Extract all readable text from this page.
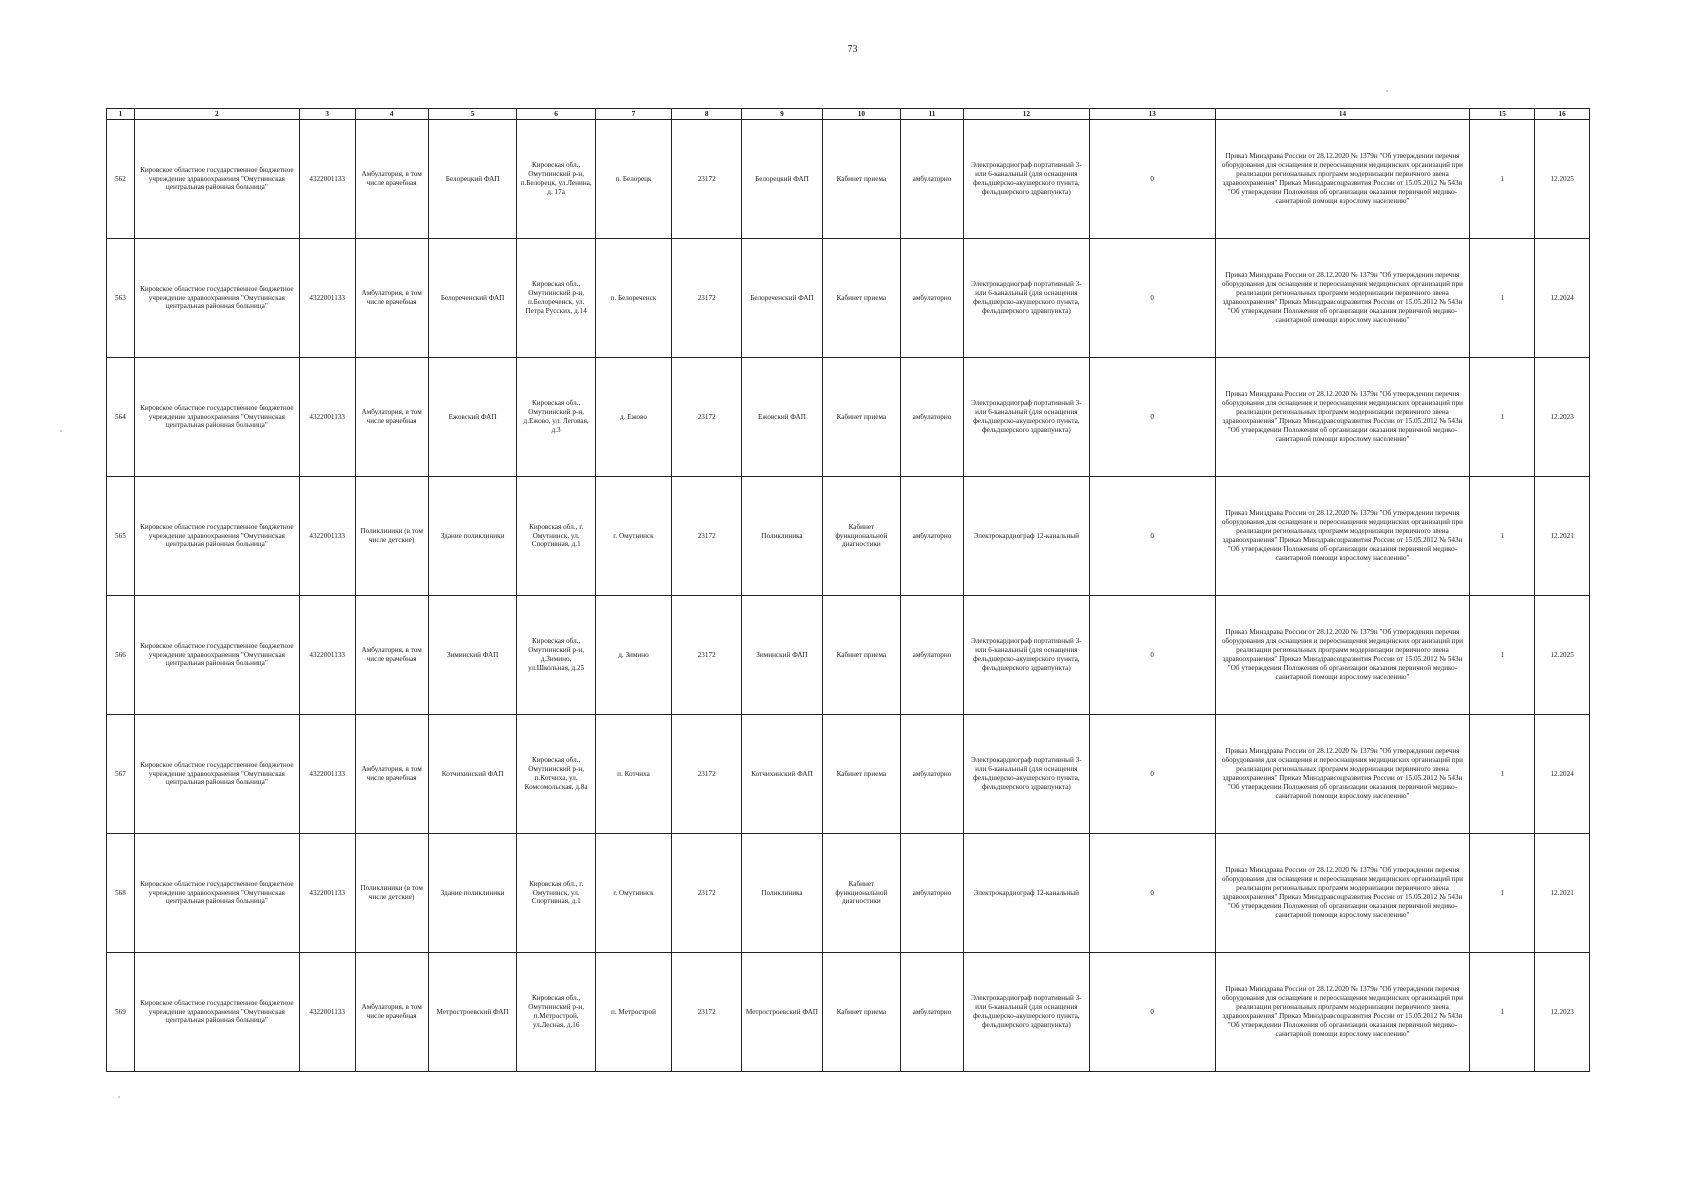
73
1	2	3	4	5	6	7	8	9	10	11	12	13	14	15	16
562	Кировское областное государственное бюджетное учреждение здравоохранения "Омутнинская центральная районная больница"	4322001133	Амбулатория, в том числе врачебная	Белорецкий ФАП	Кировская обл., Омутнинский р-н, п.Белорецк, ул.Ленина, д. 17а	п. Белорецк	23172	Белорецкий ФАП	Кабинет приема	амбулаторно	Электрокардиограф портативный 3- или 6-канальный (для оснащения фельдшерско-акушерского пункта, фельдшерского здравпункта)	0	Приказ Минздрава России от 28.12.2020 № 1379н "Об утверждении перечня оборудования для оснащения и переоснащения медицинских организаций при реализации региональных программ модернизации первичного звена здравоохранения" Приказ Минздравсоцразвития России от 15.05.2012 № 543н "Об утверждении Положения об организации оказания первичной медико-санитарной помощи взрослому населению"	1	12.2025
563	Кировское областное государственное бюджетное учреждение здравоохранения "Омутнинская центральная районная больница"	4322001133	Амбулатория, в том числе врачебная	Белореченский ФАП	Кировская обл., Омутнинский р-н, п.Белореченск, ул. Петра Русских, д.14	п. Белореченск	23172	Белореченский ФАП	Кабинет приема	амбулаторно	Электрокардиограф портативный 3- или 6-канальный (для оснащения фельдшерско-акушерского пункта, фельдшерского здравпункта)	0	Приказ Минздрава России от 28.12.2020 № 1379н "Об утверждении перечня оборудования для оснащения и переоснащения медицинских организаций при реализации региональных программ модернизации первичного звена здравоохранения" Приказ Минздравсоцразвития России от 15.05.2012 № 543н "Об утверждении Положения об организации оказания первичной медико-санитарной помощи взрослому населению"	1	12.2024
564	Кировское областное государственное бюджетное учреждение здравоохранения "Омутнинская центральная районная больница"	4322001133	Амбулатория, в том числе врачебная	Ежовский ФАП	Кировская обл., Омутнинский р-н, д.Ежово, ул. Леговая, д.3	д. Ежово	23172	Ежовский ФАП	Кабинет приема	амбулаторно	Электрокардиограф портативный 3- или 6-канальный (для оснащения фельдшерско-акушерского пункта, фельдшерского здравпункта)	0	Приказ Минздрава России от 28.12.2020 № 1379н "Об утверждении перечня оборудования для оснащения и переоснащения медицинских организаций при реализации региональных программ модернизации первичного звена здравоохранения" Приказ Минздравсоцразвития России от 15.05.2012 № 543н "Об утверждении Положения об организации оказания первичной медико-санитарной помощи взрослому населению"	1	12.2023
565	Кировское областное государственное бюджетное учреждение здравоохранения "Омутнинская центральная районная больница"	4322001133	Поликлиники (в том числе детские)	Здание поликлиники	Кировская обл., г. Омутнинск, ул. Спортивная, д.1	г. Омутнинск	23172	Поликлиника	Кабинет функциональной диагностики	амбулаторно	Электрокардиограф 12-канальный	0	Приказ Минздрава России от 28.12.2020 № 1379н "Об утверждении перечня оборудования для оснащения и переоснащения медицинских организаций при реализации региональных программ модернизации первичного звена здравоохранения" Приказ Минздравсоцразвития России от 15.05.2012 № 543н "Об утверждении Положения об организации оказания первичной медико-санитарной помощи взрослому населению"	1	12.2021
566	Кировское областное государственное бюджетное учреждение здравоохранения "Омутнинская центральная районная больница"	4322001133	Амбулатория, в том числе врачебная	Зиминский ФАП	Кировская обл., Омутнинский р-н, д.Зимино, ул.Школьная, д.25	д. Зимино	23172	Зиминский ФАП	Кабинет приема	амбулаторно	Электрокардиограф портативный 3- или 6-канальный (для оснащения фельдшерско-акушерского пункта, фельдшерского здравпункта)	0	Приказ Минздрава России от 28.12.2020 № 1379н "Об утверждении перечня оборудования для оснащения и переоснащения медицинских организаций при реализации региональных программ модернизации первичного звена здравоохранения" Приказ Минздравсоцразвития России от 15.05.2012 № 543н "Об утверждении Положения об организации оказания первичной медико-санитарной помощи взрослому населению"	1	12.2025
567	Кировское областное государственное бюджетное учреждение здравоохранения "Омутнинская центральная районная больница"	4322001133	Амбулатория, в том числе врачебная	Котчихинский ФАП	Кировская обл., Омутнинский р-н, п.Котчиха, ул. Комсомольская, д.8а	п. Котчиха	23172	Котчихинский ФАП	Кабинет приема	амбулаторно	Электрокардиограф портативный 3- или 6-канальный (для оснащения фельдшерско-акушерского пункта, фельдшерского здравпункта)	0	Приказ Минздрава России от 28.12.2020 № 1379н "Об утверждении перечня оборудования для оснащения и переоснащения медицинских организаций при реализации региональных программ модернизации первичного звена здравоохранения" Приказ Минздравсоцразвития России от 15.05.2012 № 543н "Об утверждении Положения об организации оказания первичной медико-санитарной помощи взрослому населению"	1	12.2024
568	Кировское областное государственное бюджетное учреждение здравоохранения "Омутнинская центральная районная больница"	4322001133	Поликлиники (в том числе детские)	Здание поликлиники	Кировская обл., г. Омутнинск, ул. Спортивная, д.1	г. Омутнинск	23172	Поликлиника	Кабинет функциональной диагностики	амбулаторно	Электрокардиограф 12-канальный	0	Приказ Минздрава России от 28.12.2020 № 1379н "Об утверждении перечня оборудования для оснащения и переоснащения медицинских организаций при реализации региональных программ модернизации первичного звена здравоохранения" Приказ Минздравсоцразвития России от 15.05.2012 № 543н "Об утверждении Положения об организации оказания первичной медико-санитарной помощи взрослому населению"	1	12.2021
569	Кировское областное государственное бюджетное учреждение здравоохранения "Омутнинская центральная районная больница"	4322001133	Амбулатория, в том числе врачебная	Метростроевский ФАП	Кировская обл., Омутнинский р-н, п.Метрострой, ул.Лесная, д.16	п. Метрострой	23172	Метростроевский ФАП	Кабинет приема	амбулаторно	Электрокардиограф портативный 3- или 6-канальный (для оснащения фельдшерско-акушерского пункта, фельдшерского здравпункта)	0	Приказ Минздрава России от 28.12.2020 № 1379н "Об утверждении перечня оборудования для оснащения и переоснащения медицинских организаций при реализации региональных программ модернизации первичного звена здравоохранения" Приказ Минздравсоцразвития России от 15.05.2012 № 543н "Об утверждении Положения об организации оказания первичной медико-санитарной помощи взрослому населению"	1	12.2023
